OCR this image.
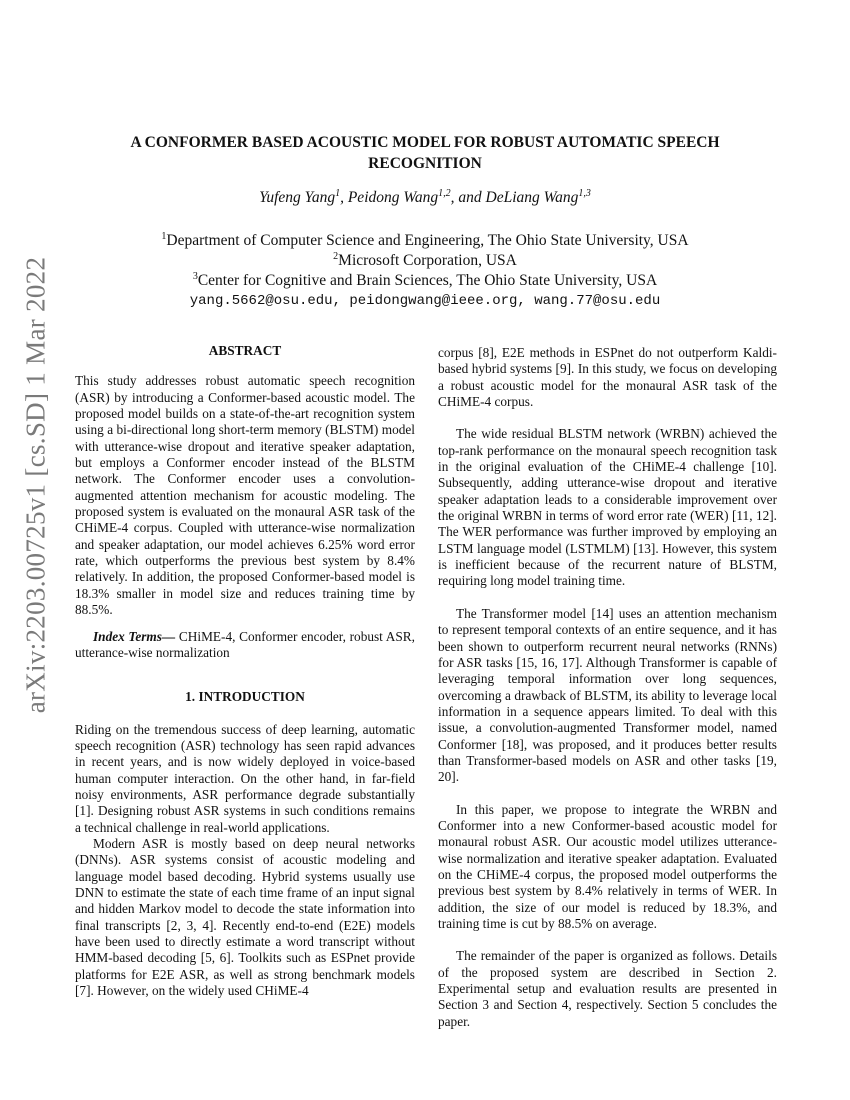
arXiv:2203.00725v1 [cs.SD] 1 Mar 2022
A CONFORMER BASED ACOUSTIC MODEL FOR ROBUST AUTOMATIC SPEECH
RECOGNITION
Yufeng Yang$^1$, Peidong Wang$^{1,2}$, and DeLiang Wang$^{1,3}$
$^1$Department of Computer Science and Engineering, The Ohio State University, USA
$^2$Microsoft Corporation, USA
$^3$Center for Cognitive and Brain Sciences, The Ohio State University, USA
yang.5662@osu.edu, peidongwang@ieee.org, wang.77@osu.edu
ABSTRACT

This study addresses robust automatic speech recognition (ASR) by introducing a Conformer-based acoustic model. The proposed model builds on a state-of-the-art recognition system using a bi-directional long short-term memory (BLSTM) model with utterance-wise dropout and iterative speaker adaptation, but employs a Conformer encoder instead of the BLSTM network. The Conformer encoder uses a convolution-augmented attention mechanism for acoustic modeling. The proposed system is evaluated on the monaural ASR task of the CHiME-4 corpus. Coupled with utterance-wise normalization and speaker adaptation, our model achieves 6.25% word error rate, which outperforms the previous best system by 8.4% relatively. In addition, the proposed Conformer-based model is 18.3% smaller in model size and reduces training time by 88.5%.

Index Terms— CHiME-4, Conformer encoder, robust ASR, utterance-wise normalization

1. INTRODUCTION

Riding on the tremendous success of deep learning, automatic speech recognition (ASR) technology has seen rapid advances in recent years, and is now widely deployed in voice-based human computer interaction. On the other hand, in far-field noisy environments, ASR performance degrade substantially [1]. Designing robust ASR systems in such conditions remains a technical challenge in real-world applications.

Modern ASR is mostly based on deep neural networks (DNNs). ASR systems consist of acoustic modeling and language model based decoding. Hybrid systems usually use DNN to estimate the state of each time frame of an input signal and hidden Markov model to decode the state information into final transcripts [2, 3, 4]. Recently end-to-end (E2E) models have been used to directly estimate a word transcript without HMM-based decoding [5, 6]. Toolkits such as ESPnet provide platforms for E2E ASR, as well as strong benchmark models [7]. However, on the widely used CHiME-4

corpus [8], E2E methods in ESPnet do not outperform Kaldi-based hybrid systems [9]. In this study, we focus on developing a robust acoustic model for the monaural ASR task of the CHiME-4 corpus.

The wide residual BLSTM network (WRBN) achieved the top-rank performance on the monaural speech recognition task in the original evaluation of the CHiME-4 challenge [10]. Subsequently, adding utterance-wise dropout and iterative speaker adaptation leads to a considerable improvement over the original WRBN in terms of word error rate (WER) [11, 12]. The WER performance was further improved by employing an LSTM language model (LSTMLM) [13]. However, this system is inefficient because of the recurrent nature of BLSTM, requiring long model training time.

The Transformer model [14] uses an attention mechanism to represent temporal contexts of an entire sequence, and it has been shown to outperform recurrent neural networks (RNNs) for ASR tasks [15, 16, 17]. Although Transformer is capable of leveraging temporal information over long sequences, overcoming a drawback of BLSTM, its ability to leverage local information in a sequence appears limited. To deal with this issue, a convolution-augmented Transformer model, named Conformer [18], was proposed, and it produces better results than Transformer-based models on ASR and other tasks [19, 20].

In this paper, we propose to integrate the WRBN and Conformer into a new Conformer-based acoustic model for monaural robust ASR. Our acoustic model utilizes utterance-wise normalization and iterative speaker adaptation. Evaluated on the CHiME-4 corpus, the proposed model outperforms the previous best system by 8.4% relatively in terms of WER. In addition, the size of our model is reduced by 18.3%, and training time is cut by 88.5% on average.

The remainder of the paper is organized as follows. Details of the proposed system are described in Section 2. Experimental setup and evaluation results are presented in Section 3 and Section 4, respectively. Section 5 concludes the paper.
